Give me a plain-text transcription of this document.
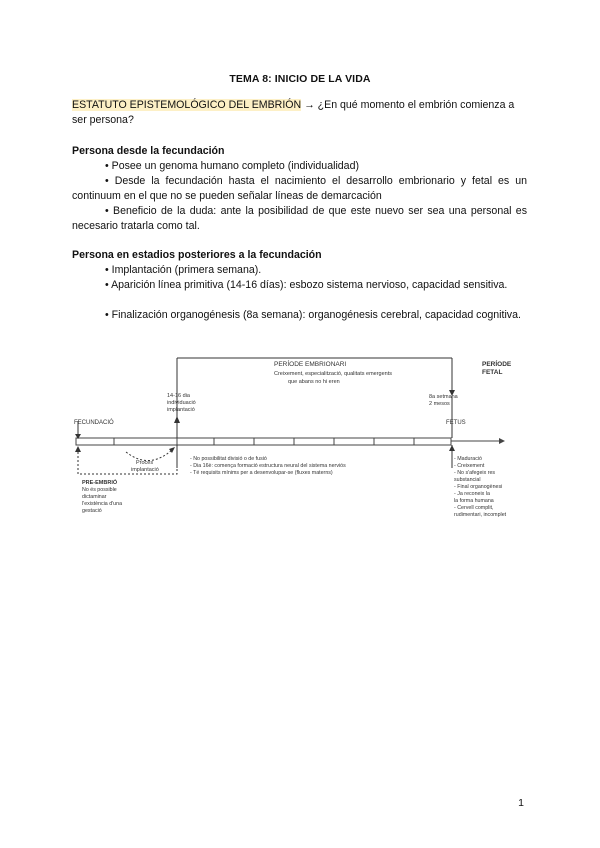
TEMA 8: INICIO DE LA VIDA
ESTATUTO EPISTEMOLÓGICO DEL EMBRIÓN → ¿En qué momento el embrión comienza a ser persona?
Persona desde la fecundación
• Posee un genoma humano completo (individualidad)
• Desde la fecundación hasta el nacimiento el desarrollo embrionario y fetal es un continuum en el que no se pueden señalar líneas de demarcación
• Beneficio de la duda: ante la posibilidad de que este nuevo ser sea una personal es necesario tratarla como tal.
Persona en estadios posteriores a la fecundación
• Implantación (primera semana).
• Aparición línea primitiva (14-16 días): esbozo sistema nervioso, capacidad sensitiva.
• Finalización organogénesis (8a semana): organogénesis cerebral, capacidad cognitiva.
PERÍODE EMBRIONARI
Creixement, especialització, qualitats emergents
que abans no hi eren
PERÍODE
FETAL
14-16 dia
individuació
implantació
8a setmana
2 mesos
FECUNDACIÓ	FETUS
Procés
implantació
- No possibilitat divisió o de fusió
- Dia 16è: comença formació estructura neural del sistema nerviós
- Té requisits mínims per a desenvolupar-se (fluxes materns)
PRE-EMBRIÓ
No és possible
dictaminar
l'existència d'una
gestació
- Maduració
- Creixement
- No s'afegeix res
substancial
- Final organogènesi
- Ja reconeix la
la forma humana
- Cervell complit,
rudimentari, incomplet
1
